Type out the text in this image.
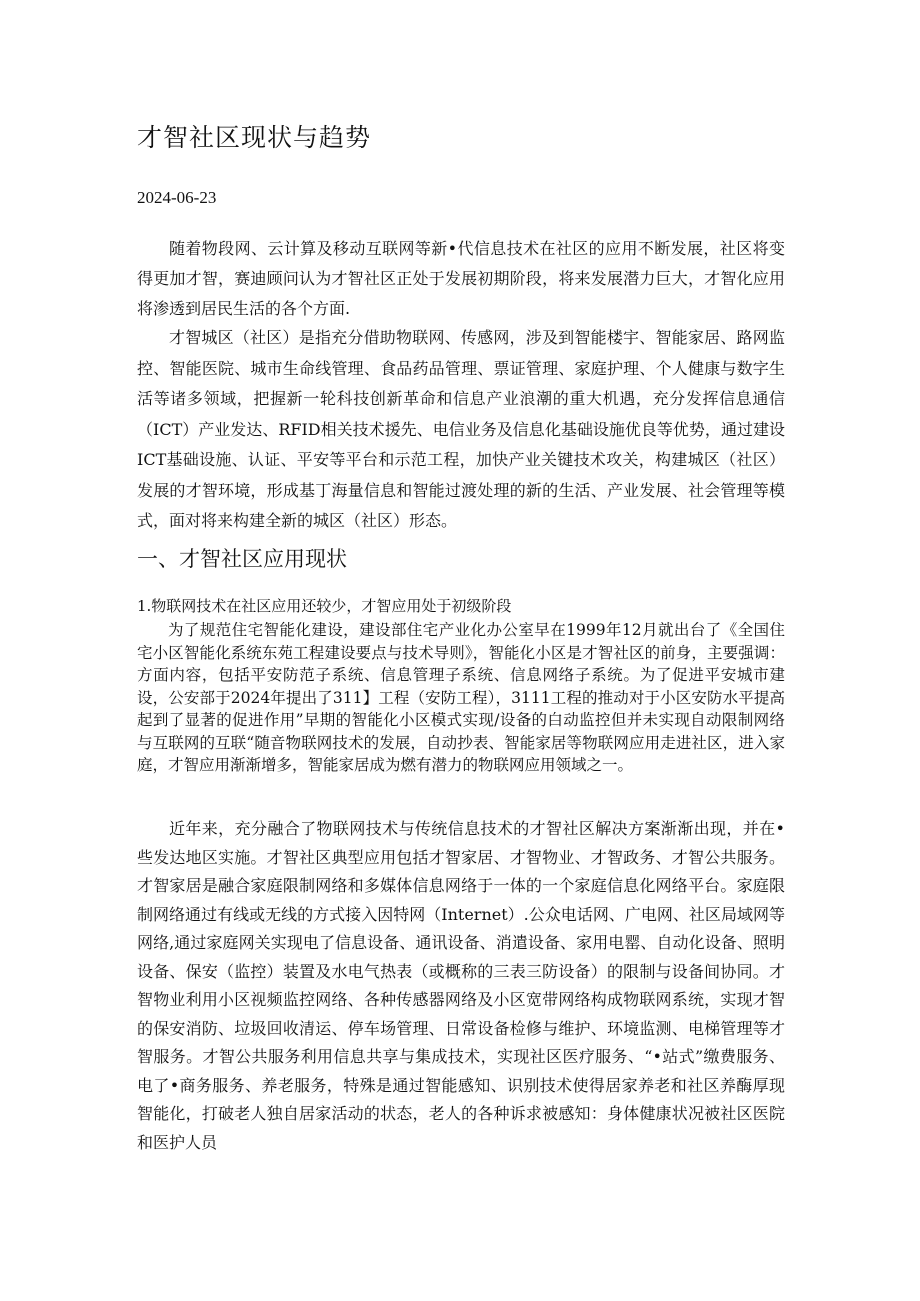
才智社区现状与趋势
2024-06-23

随着物段网、云计算及移动互联网等新•代信息技术在社区的应用不断发展，社区将变得更加才智，赛迪顾问认为才智社区正处于发展初期阶段，将来发展潜力巨大，才智化应用将渗透到居民生活的各个方面.

才智城区（社区）是指充分借助物联网、传感网，涉及到智能楼宇、智能家居、路网监控、智能医院、城市生命线管理、食品药品管理、票证管理、家庭护理、个人健康与数字生活等诸多领域，把握新一轮科技创新革命和信息产业浪潮的重大机遇，充分发挥信息通信（ICT）产业发达、RFID相关技术援先、电信业务及信息化基础设施优良等优势，通过建设ICT基础设施、认证、平安等平台和示范工程，加快产业关键技术攻关，构建城区（社区）发展的才智环境，形成基丁海量信息和智能过渡处理的新的生活、产业发展、社会管理等模式，面对将来构建全新的城区（社区）形态。

一、才智社区应用现状
1.物联网技术在社区应用还较少，才智应用处于初级阶段

为了规范住宅智能化建设，建设部住宅产业化办公室早在1999年12月就出台了《全国住宅小区智能化系统东苑工程建设要点与技术导则》，智能化小区是才智社区的前身，主要强调：方面内容，包括平安防范子系统、信息管理子系统、信息网络子系统。为了促进平安城市建设，公安部于2024年提出了311】工程（安防工程），3111工程的推动对于小区安防水平提高起到了显著的促进作用”早期的智能化小区模式实现/设备的白动监控但并未实现自动限制网络与互联网的互联“随音物联网技术的发展，自动抄表、智能家居等物联网应用走进社区，进入家庭，才智应用渐渐增多，智能家居成为燃有潜力的物联网应用领域之一。

近年来，充分融合了物联网技术与传统信息技术的才智社区解决方案渐渐出现，并在•些发达地区实施。才智社区典型应用包括才智家居、才智物业、才智政务、才智公共服务。才智家居是融合家庭限制网络和多媒体信息网络于一体的一个家庭信息化网络平台。家庭限制网络通过有线或无线的方式接入因特网（Internet）.公众电话网、广电网、社区局域网等网络,通过家庭网关实现电了信息设备、通讯设备、消遣设备、家用电罂、自动化设备、照明设备、保安（监控）装置及水电气热表（或概称的三表三防设备）的限制与设备间协同。才智物业利用小区视频监控网络、各种传感器网络及小区宽带网络构成物联网系统，实现才智的保安消防、垃圾回收清运、停车场管理、日常设备检修与维护、环境监测、电梯管理等才智服务。才智公共服务利用信息共享与集成技术，实现社区医疗服务、“•站式”缴费服务、电了•商务服务、养老服务，特殊是通过智能感知、识别技术使得居家养老和社区养酶厚现智能化，打破老人独自居家活动的状态，老人的各种诉求被感知：身体健康状况被社区医院和医护人员
